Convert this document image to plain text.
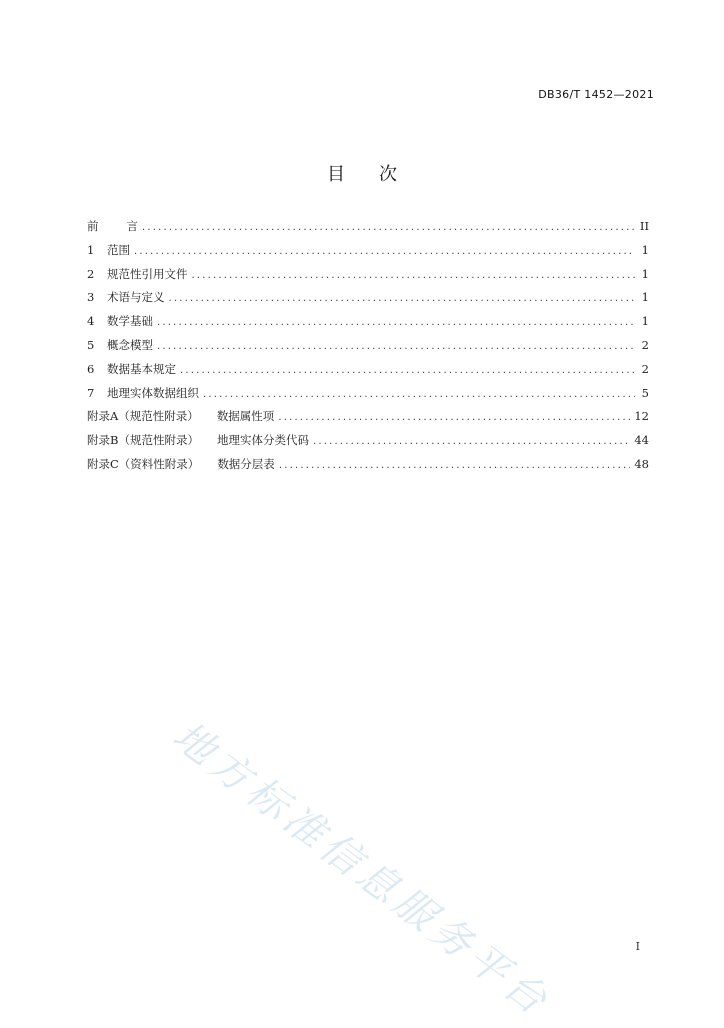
DB36/T 1452—2021
目次
前 言 .....	II
1 范围 .....	1
2 规范性引用文件 .....	1
3 术语与定义 .....	1
4 数学基础 .....	1
5 概念模型 .....	2
6 数据基本规定 .....	2
7 地理实体数据组织 .....	5
附录A（规范性附录） 数据属性项 .....	12
附录B（规范性附录） 地理实体分类代码 .....	44
附录C（资料性附录） 数据分层表 .....	48
地方标准信息服务平台	I
